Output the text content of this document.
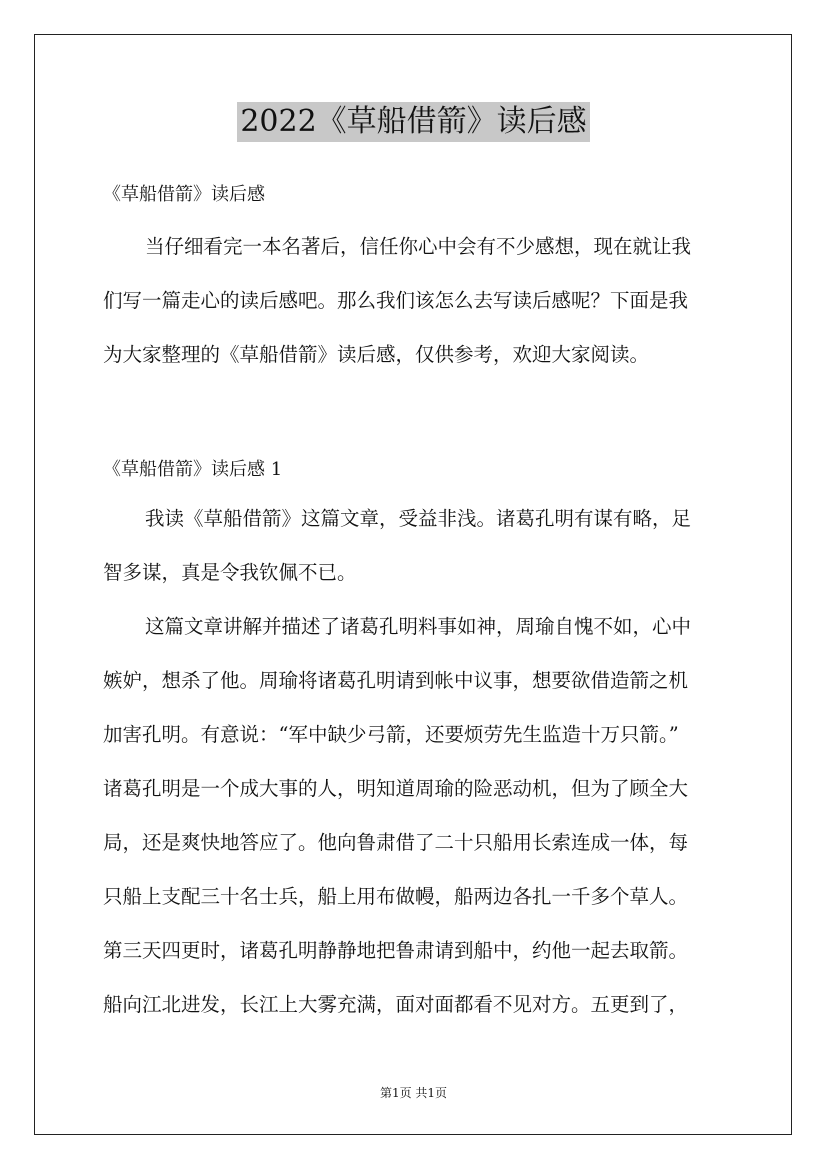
2022《草船借箭》读后感
《草船借箭》读后感
当仔细看完一本名著后，信任你心中会有不少感想，现在就让我
们写一篇走心的读后感吧。那么我们该怎么去写读后感呢？下面是我
为大家整理的《草船借箭》读后感，仅供参考，欢迎大家阅读。
《草船借箭》读后感 1
我读《草船借箭》这篇文章，受益非浅。诸葛孔明有谋有略，足
智多谋，真是令我钦佩不已。
这篇文章讲解并描述了诸葛孔明料事如神，周瑜自愧不如，心中
嫉妒，想杀了他。周瑜将诸葛孔明请到帐中议事，想要欲借造箭之机
加害孔明。有意说：“军中缺少弓箭，还要烦劳先生监造十万只箭。”
诸葛孔明是一个成大事的人，明知道周瑜的险恶动机，但为了顾全大
局，还是爽快地答应了。他向鲁肃借了二十只船用长索连成一体，每
只船上支配三十名士兵，船上用布做幔，船两边各扎一千多个草人。
第三天四更时，诸葛孔明静静地把鲁肃请到船中，约他一起去取箭。
船向江北进发，长江上大雾充满，面对面都看不见对方。五更到了，
第1页 共1页
